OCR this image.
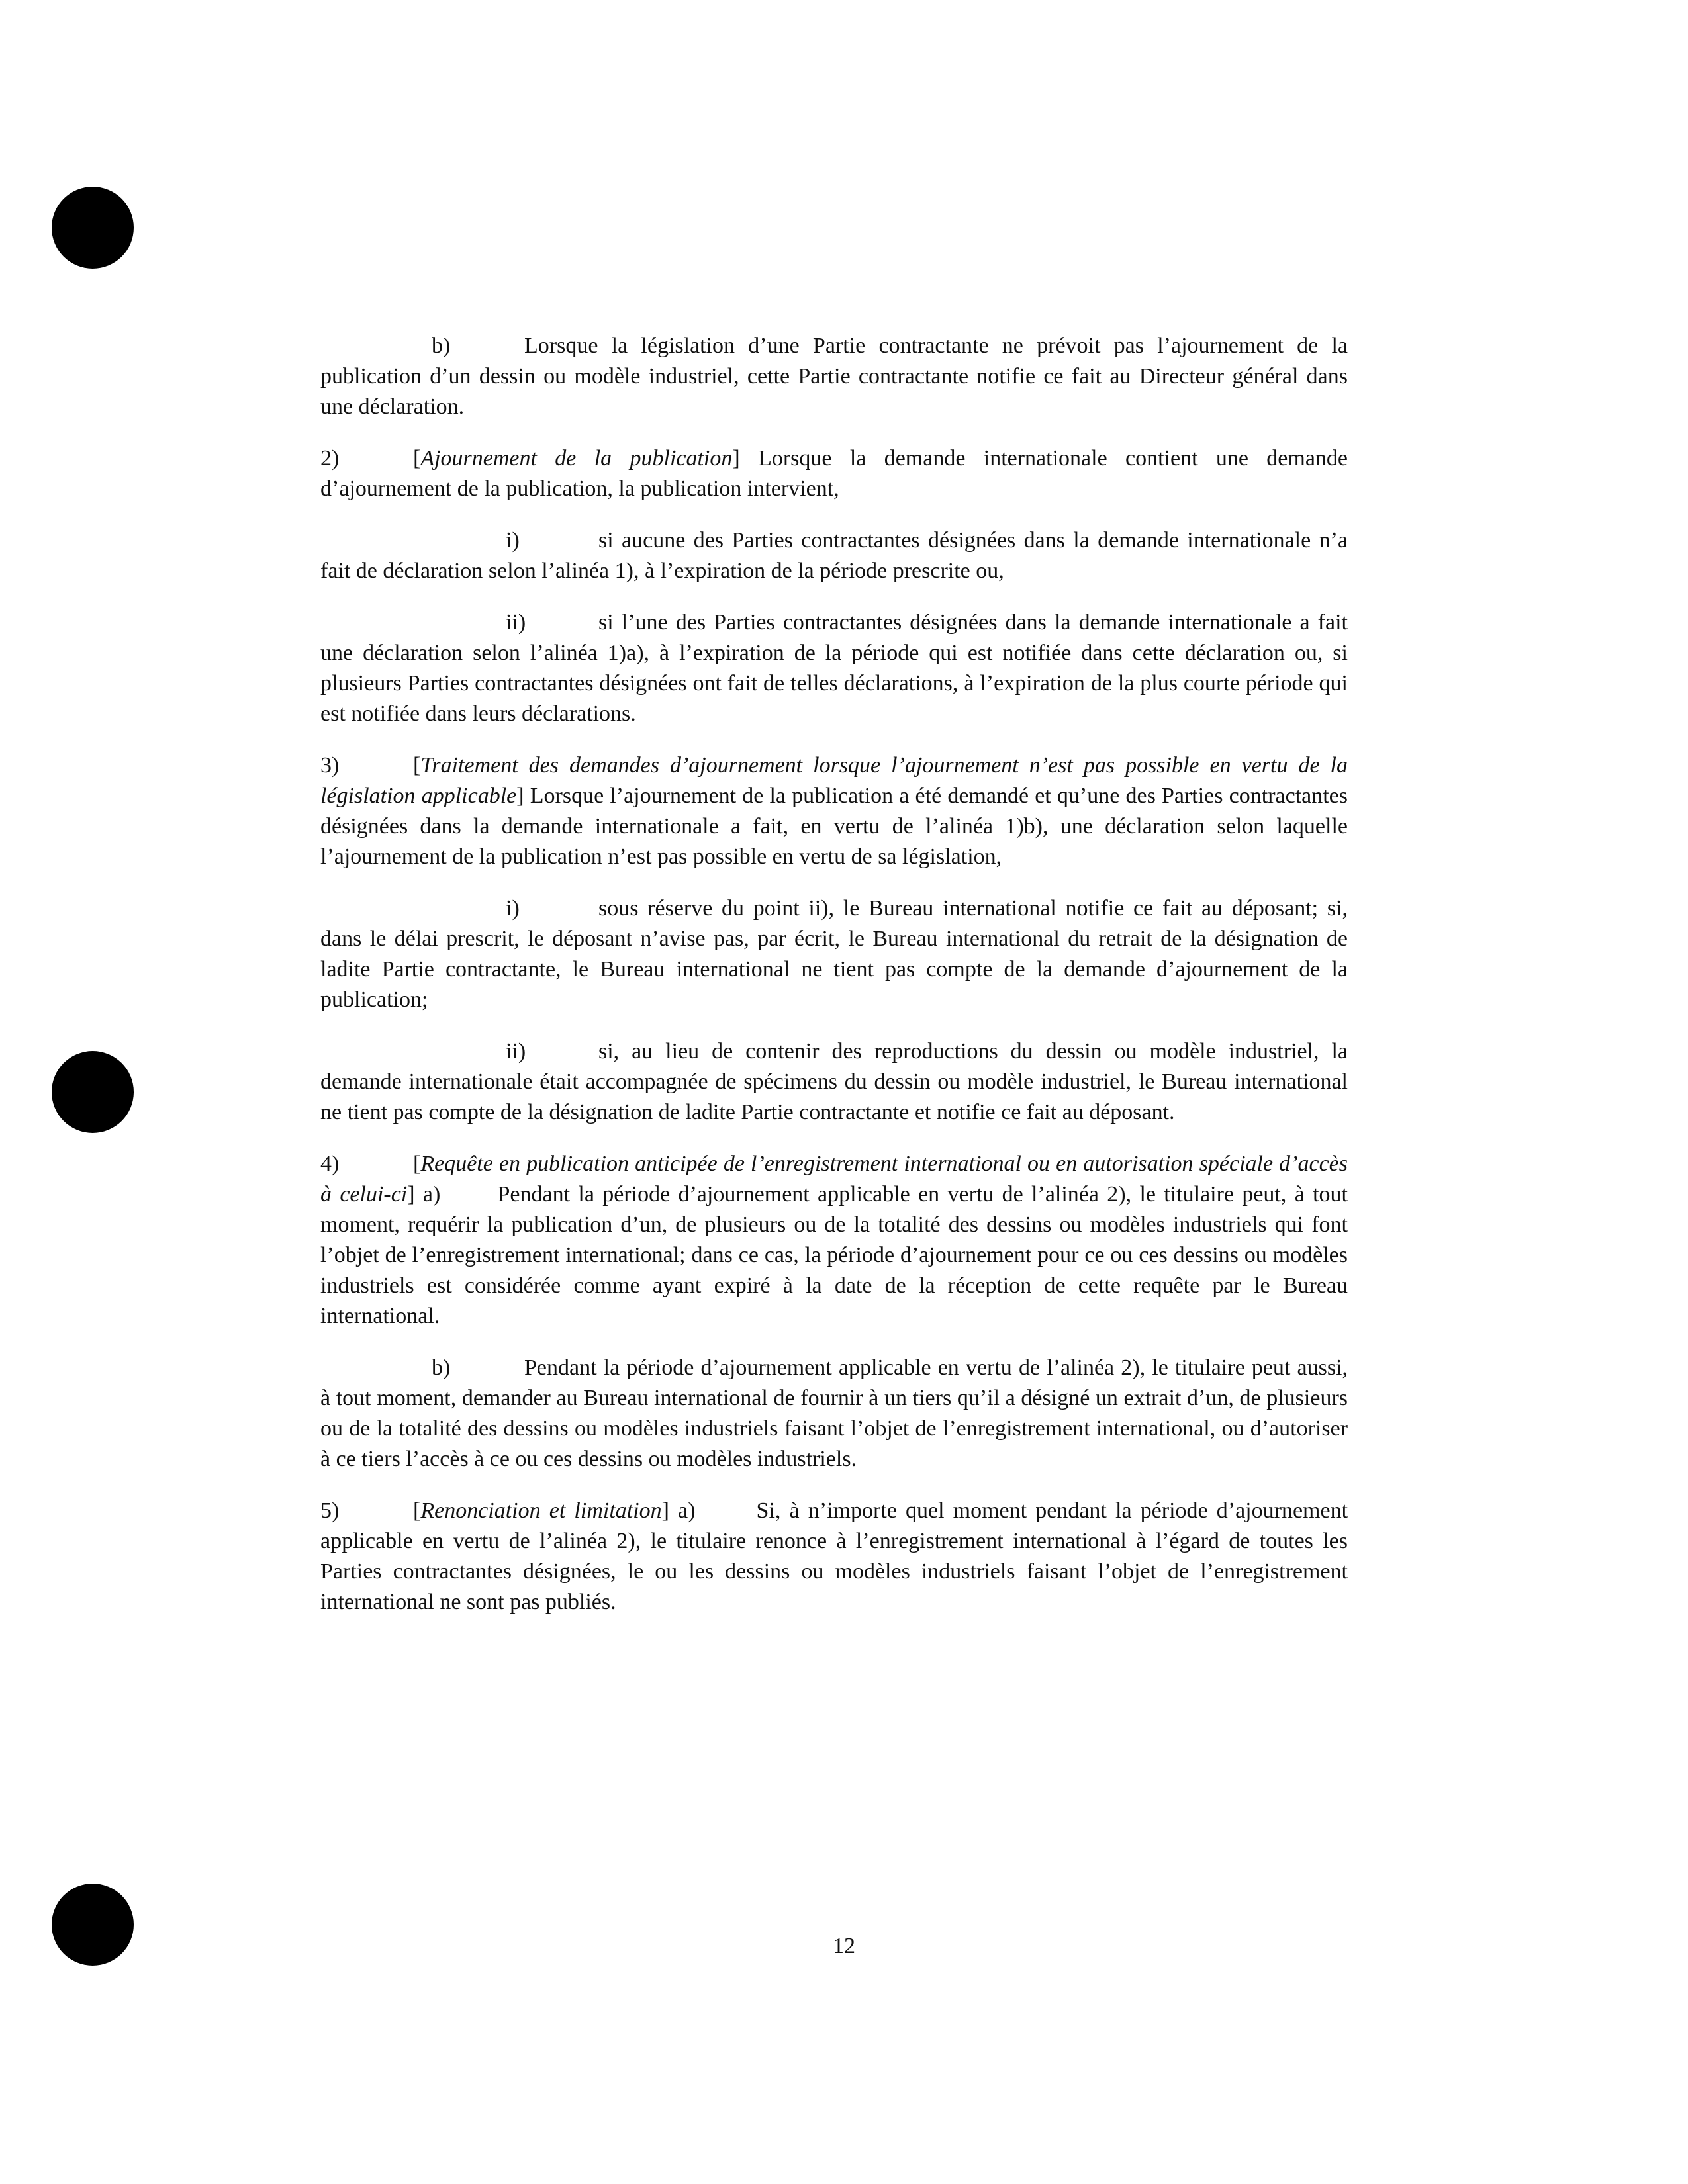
b)	Lorsque la législation d’une Partie contractante ne prévoit pas l’ajournement de la publication d’un dessin ou modèle industriel, cette Partie contractante notifie ce fait au Directeur général dans une déclaration.

2)	[Ajournement de la publication] Lorsque la demande internationale contient une demande d’ajournement de la publication, la publication intervient,

i)	si aucune des Parties contractantes désignées dans la demande internationale n’a fait de déclaration selon l’alinéa 1), à l’expiration de la période prescrite ou,

ii)	si l’une des Parties contractantes désignées dans la demande internationale a fait une déclaration selon l’alinéa 1)a), à l’expiration de la période qui est notifiée dans cette déclaration ou, si plusieurs Parties contractantes désignées ont fait de telles déclarations, à l’expiration de la plus courte période qui est notifiée dans leurs déclarations.

3)	[Traitement des demandes d’ajournement lorsque l’ajournement n’est pas possible en vertu de la législation applicable] Lorsque l’ajournement de la publication a été demandé et qu’une des Parties contractantes désignées dans la demande internationale a fait, en vertu de l’alinéa 1)b), une déclaration selon laquelle l’ajournement de la publication n’est pas possible en vertu de sa législation,

i)	sous réserve du point ii), le Bureau international notifie ce fait au déposant; si, dans le délai prescrit, le déposant n’avise pas, par écrit, le Bureau international du retrait de la désignation de ladite Partie contractante, le Bureau international ne tient pas compte de la demande d’ajournement de la publication;

ii)	si, au lieu de contenir des reproductions du dessin ou modèle industriel, la demande internationale était accompagnée de spécimens du dessin ou modèle industriel, le Bureau international ne tient pas compte de la désignation de ladite Partie contractante et notifie ce fait au déposant.

4)	[Requête en publication anticipée de l’enregistrement international ou en autorisation spéciale d’accès à celui-ci] a)	Pendant la période d’ajournement applicable en vertu de l’alinéa 2), le titulaire peut, à tout moment, requérir la publication d’un, de plusieurs ou de la totalité des dessins ou modèles industriels qui font l’objet de l’enregistrement international; dans ce cas, la période d’ajournement pour ce ou ces dessins ou modèles industriels est considérée comme ayant expiré à la date de la réception de cette requête par le Bureau international.

b)	Pendant la période d’ajournement applicable en vertu de l’alinéa 2), le titulaire peut aussi, à tout moment, demander au Bureau international de fournir à un tiers qu’il a désigné un extrait d’un, de plusieurs ou de la totalité des dessins ou modèles industriels faisant l’objet de l’enregistrement international, ou d’autoriser à ce tiers l’accès à ce ou ces dessins ou modèles industriels.

5)	[Renonciation et limitation] a)	Si, à n’importe quel moment pendant la période d’ajournement applicable en vertu de l’alinéa 2), le titulaire renonce à l’enregistrement international à l’égard de toutes les Parties contractantes désignées, le ou les dessins ou modèles industriels faisant l’objet de l’enregistrement international ne sont pas publiés.

12
